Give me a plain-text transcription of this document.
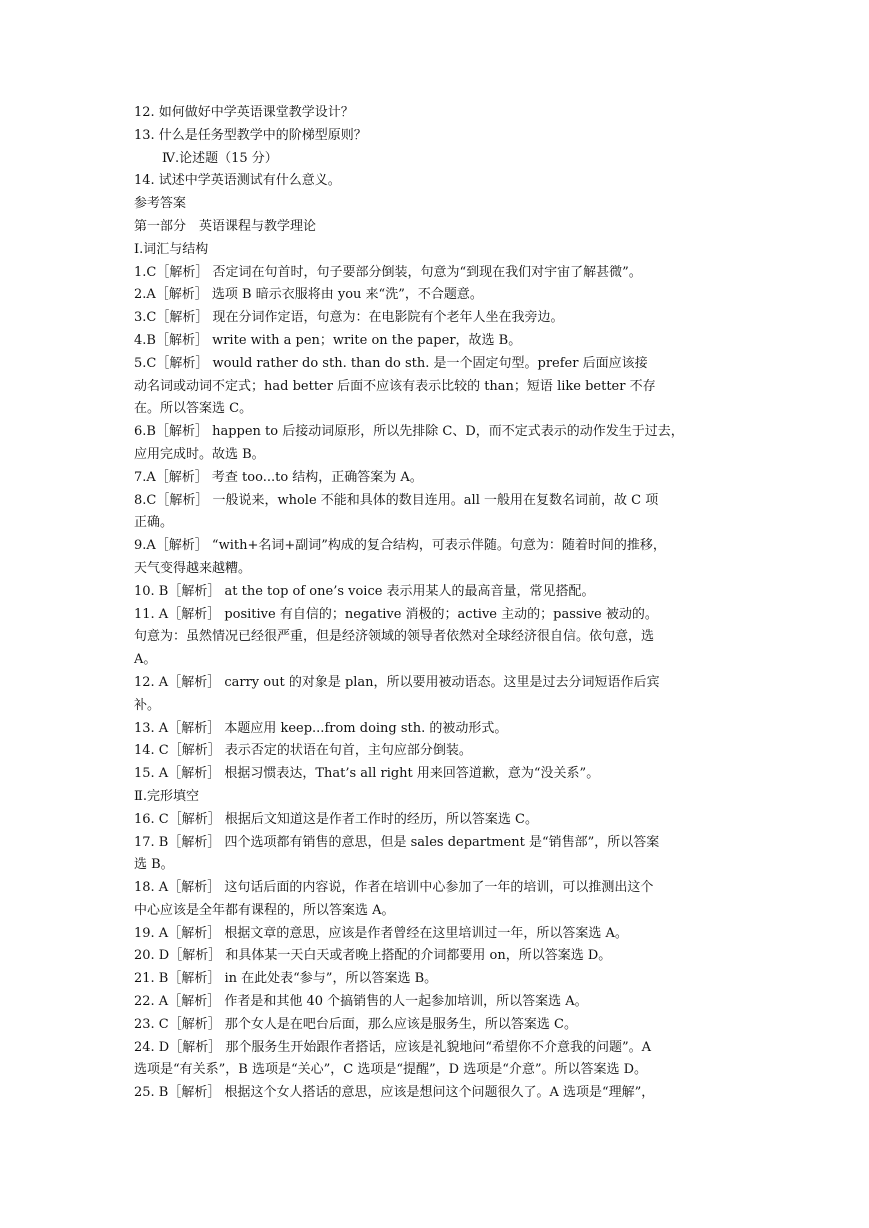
12. 如何做好中学英语课堂教学设计？
13. 什么是任务型教学中的阶梯型原则？
Ⅳ.论述题（15 分）
14. 试述中学英语测试有什么意义。
参考答案
第一部分　英语课程与教学理论
Ⅰ.词汇与结构
1.C［解析］ 否定词在句首时，句子要部分倒装，句意为“到现在我们对宇宙了解甚微”。
2.A［解析］ 选项 B 暗示衣服将由 you 来“洗”，不合题意。
3.C［解析］ 现在分词作定语，句意为：在电影院有个老年人坐在我旁边。
4.B［解析］ write with a pen；write on the paper，故选 B。
5.C［解析］ would rather do sth. than do sth. 是一个固定句型。prefer 后面应该接
动名词或动词不定式；had better 后面不应该有表示比较的 than；短语 like better 不存
在。所以答案选 C。
6.B［解析］ happen to 后接动词原形，所以先排除 C、D，而不定式表示的动作发生于过去，
应用完成时。故选 B。
7.A［解析］ 考查 too...to 结构，正确答案为 A。
8.C［解析］ 一般说来，whole 不能和具体的数目连用。all 一般用在复数名词前，故 C 项
正确。
9.A［解析］ “with+名词+副词”构成的复合结构，可表示伴随。句意为：随着时间的推移，
天气变得越来越糟。
10. B［解析］ at the top of one’s voice 表示用某人的最高音量，常见搭配。
11. A［解析］ positive 有自信的；negative 消极的；active 主动的；passive 被动的。
句意为：虽然情况已经很严重，但是经济领域的领导者依然对全球经济很自信。依句意，选
A。
12. A［解析］ carry out 的对象是 plan，所以要用被动语态。这里是过去分词短语作后宾
补。
13. A［解析］ 本题应用 keep...from doing sth. 的被动形式。
14. C［解析］ 表示否定的状语在句首，主句应部分倒装。
15. A［解析］ 根据习惯表达，That’s all right 用来回答道歉，意为“没关系”。
Ⅱ.完形填空
16. C［解析］ 根据后文知道这是作者工作时的经历，所以答案选 C。
17. B［解析］ 四个选项都有销售的意思，但是 sales department 是“销售部”，所以答案
选 B。
18. A［解析］ 这句话后面的内容说，作者在培训中心参加了一年的培训，可以推测出这个
中心应该是全年都有课程的，所以答案选 A。
19. A［解析］ 根据文章的意思，应该是作者曾经在这里培训过一年，所以答案选 A。
20. D［解析］ 和具体某一天白天或者晚上搭配的介词都要用 on，所以答案选 D。
21. B［解析］ in 在此处表“参与”，所以答案选 B。
22. A［解析］ 作者是和其他 40 个搞销售的人一起参加培训，所以答案选 A。
23. C［解析］ 那个女人是在吧台后面，那么应该是服务生，所以答案选 C。
24. D［解析］ 那个服务生开始跟作者搭话，应该是礼貌地问“希望你不介意我的问题”。A
选项是“有关系”，B 选项是“关心”，C 选项是“提醒”，D 选项是“介意”。所以答案选 D。
25. B［解析］ 根据这个女人搭话的意思，应该是想问这个问题很久了。A 选项是“理解”，
